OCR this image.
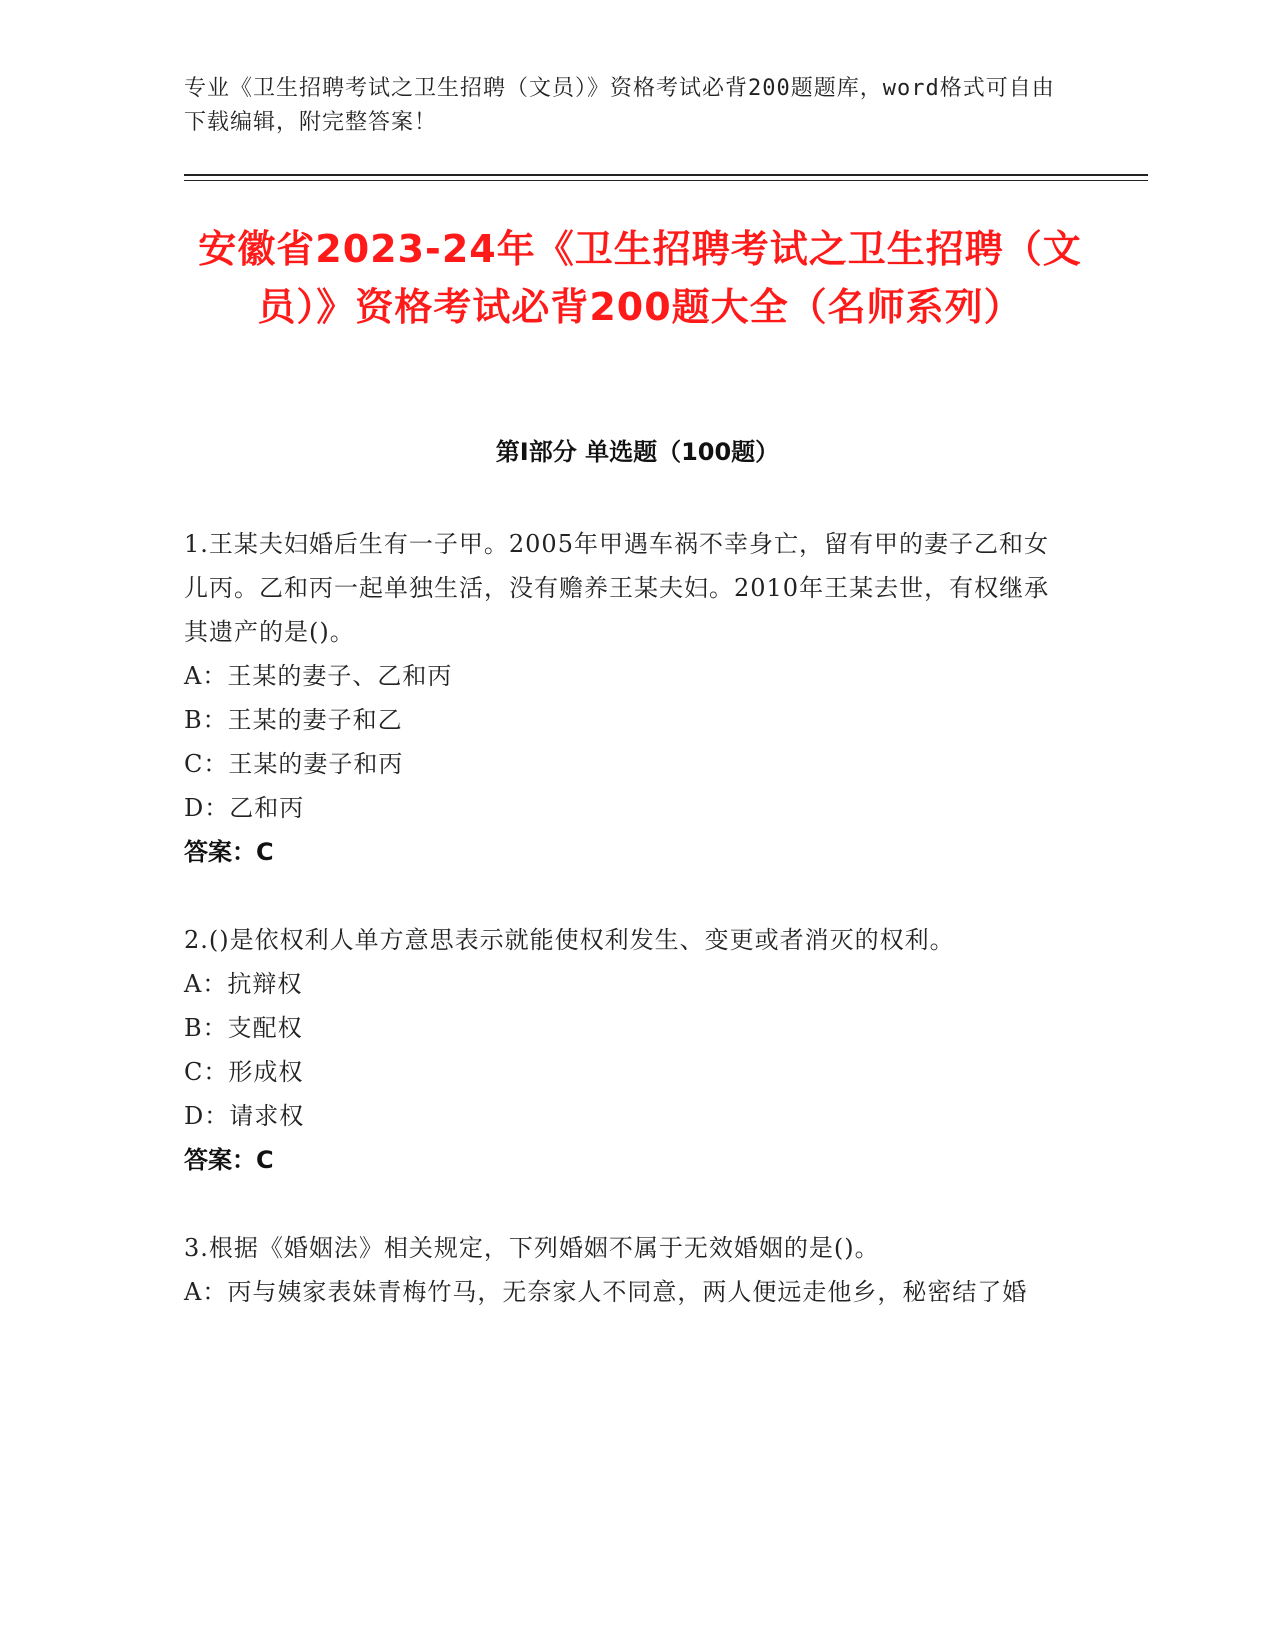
专业《卫生招聘考试之卫生招聘（文员）》资格考试必背200题题库，word格式可自由下载编辑，附完整答案！
安徽省2023-24年《卫生招聘考试之卫生招聘（文员）》资格考试必背200题大全（名师系列）
第I部分 单选题（100题）
1.王某夫妇婚后生有一子甲。2005年甲遇车祸不幸身亡，留有甲的妻子乙和女儿丙。乙和丙一起单独生活，没有赡养王某夫妇。2010年王某去世，有权继承其遗产的是()。
A：王某的妻子、乙和丙
B：王某的妻子和乙
C：王某的妻子和丙
D：乙和丙
答案：C
2.()是依权利人单方意思表示就能使权利发生、变更或者消灭的权利。
A：抗辩权
B：支配权
C：形成权
D：请求权
答案：C
3.根据《婚姻法》相关规定，下列婚姻不属于无效婚姻的是()。
A：丙与姨家表妹青梅竹马，无奈家人不同意，两人便远走他乡，秘密结了婚
